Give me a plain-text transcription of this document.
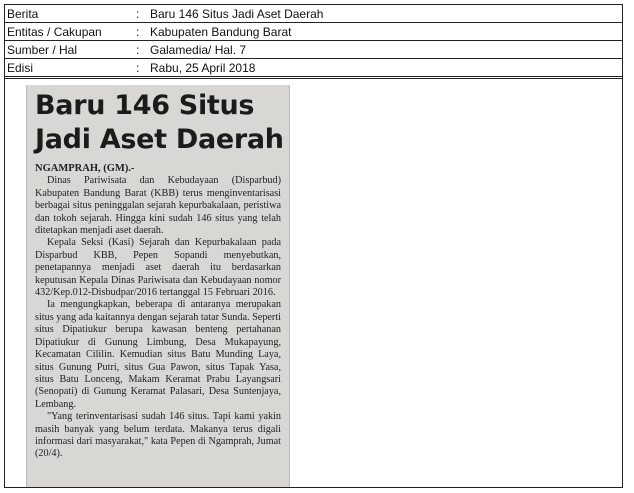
Berita	: Baru 146 Situs Jadi Aset Daerah
Entitas / Cakupan	: Kabupaten Bandung Barat
Sumber / Hal	: Galamedia/ Hal. 7
Edisi	: Rabu, 25 April 2018
Baru 146 Situs
Jadi Aset Daerah

NGAMPRAH, (GM).-

Dinas Pariwisata dan Kebudayaan (Disparbud) Kabupaten Bandung Barat (KBB) terus menginventarisasi berbagai situs peninggalan sejarah kepurbakalaan, peristiwa dan tokoh sejarah. Hingga kini sudah 146 situs yang telah ditetapkan menjadi aset daerah.

Kepala Seksi (Kasi) Sejarah dan Kepurbakalaan pada Disparbud KBB, Pepen Sopandi menyebutkan, penetapannya menjadi aset daerah itu berdasarkan keputusan Kepala Dinas Pariwisata dan Kebudayaan nomor 432/Kep.012-Disbudpar/2016 tertanggal 15 Februari 2016.

Ia mengungkapkan, beberapa di antaranya merupakan situs yang ada kaitannya dengan sejarah tatar Sunda. Seperti situs Dipatiukur berupa kawasan benteng pertahanan Dipatiukur di Gunung Limbung, Desa Mukapayung, Kecamatan Cililin. Kemudian situs Batu Munding Laya, situs Gunung Putri, situs Gua Pawon, situs Tapak Yasa, situs Batu Lonceng, Makam Keramat Prabu Layangsari (Senopati) di Gunung Keramat Palasari, Desa Suntenjaya, Lembang.

"Yang terinventarisasi sudah 146 situs. Tapi kami yakin masih banyak yang belum terdata. Makanya terus digali informasi dari masyarakat," kata Pepen di Ngamprah, Jumat (20/4).
